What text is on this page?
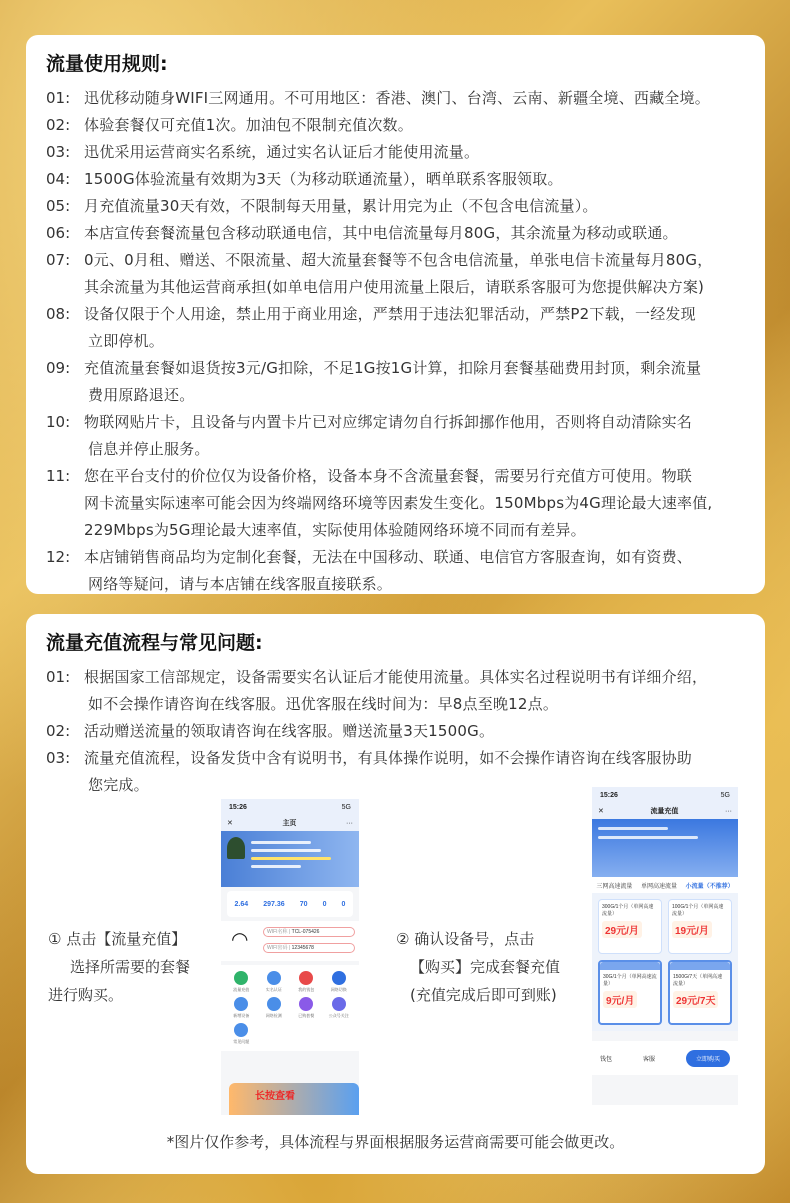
流量使用规则:
01: 迅优移动随身WIFI三网通用。不可用地区：香港、澳门、台湾、云南、新疆全境、西藏全境。
02: 体验套餐仅可充值1次。加油包不限制充值次数。
03: 迅优采用运营商实名系统，通过实名认证后才能使用流量。
04: 1500G体验流量有效期为3天（为移动联通流量），晒单联系客服领取。
05: 月充值流量30天有效，不限制每天用量，累计用完为止（不包含电信流量）。
06: 本店宣传套餐流量包含移动联通电信，其中电信流量每月80G，其余流量为移动或联通。
07: 0元、0月租、赠送、不限流量、超大流量套餐等不包含电信流量，单张电信卡流量每月80G，
其余流量为其他运营商承担(如单电信用户使用流量上限后，请联系客服可为您提供解决方案)
08: 设备仅限于个人用途，禁止用于商业用途，严禁用于违法犯罪活动，严禁P2下载，一经发现
立即停机。
09: 充值流量套餐如退货按3元/G扣除，不足1G按1G计算，扣除月套餐基础费用封顶，剩余流量
费用原路退还。
10: 物联网贴片卡，且设备与内置卡片已对应绑定请勿自行拆卸挪作他用，否则将自动清除实名
信息并停止服务。
11: 您在平台支付的价位仅为设备价格，设备本身不含流量套餐，需要另行充值方可使用。物联
网卡流量实际速率可能会因为终端网络环境等因素发生变化。150Mbps为4G理论最大速率值,
229Mbps为5G理论最大速率值，实际使用体验随网络环境不同而有差异。
12: 本店铺销售商品均为定制化套餐，无法在中国移动、联通、电信官方客服查询，如有资费、
网络等疑问，请与本店铺在线客服直接联系。
流量充值流程与常见问题:
01: 根据国家工信部规定，设备需要实名认证后才能使用流量。具体实名过程说明书有详细介绍，
如不会操作请咨询在线客服。迅优客服在线时间为：早8点至晚12点。
02: 活动赠送流量的领取请咨询在线客服。赠送流量3天1500G。
03: 流量充值流程，设备发货中含有说明书，有具体操作说明，如不会操作请咨询在线客服协助
您完成。
① 点击【流量充值】
选择所需要的套餐
进行购买。
15:26	5G
✕	主页	···
2.64 297.36 70 0 0
◠	WIFI名称 | TCL-075426
WIFI密码 | 12345678
流量充值	实名认证	我的钱包	网络切换
新增设备	网络检测	已购套餐	公众号关注
常见问题
长按查看
② 确认设备号，点击
【购买】完成套餐充值
(充值完成后即可到账)
15:26	5G
✕	流量充值	···
三网高速流量 单网高速流量 小流量（不推荐）
300G/1个月（单网高速流量）
29元/月
100G/1个月（单网高速流量）
19元/月
30G/1个月（单网高速流量）
9元/月
1500G/7天（单网高速流量）
29元/7天
钱包	客服	立即购买

*图片仅作参考，具体流程与界面根据服务运营商需要可能会做更改。
